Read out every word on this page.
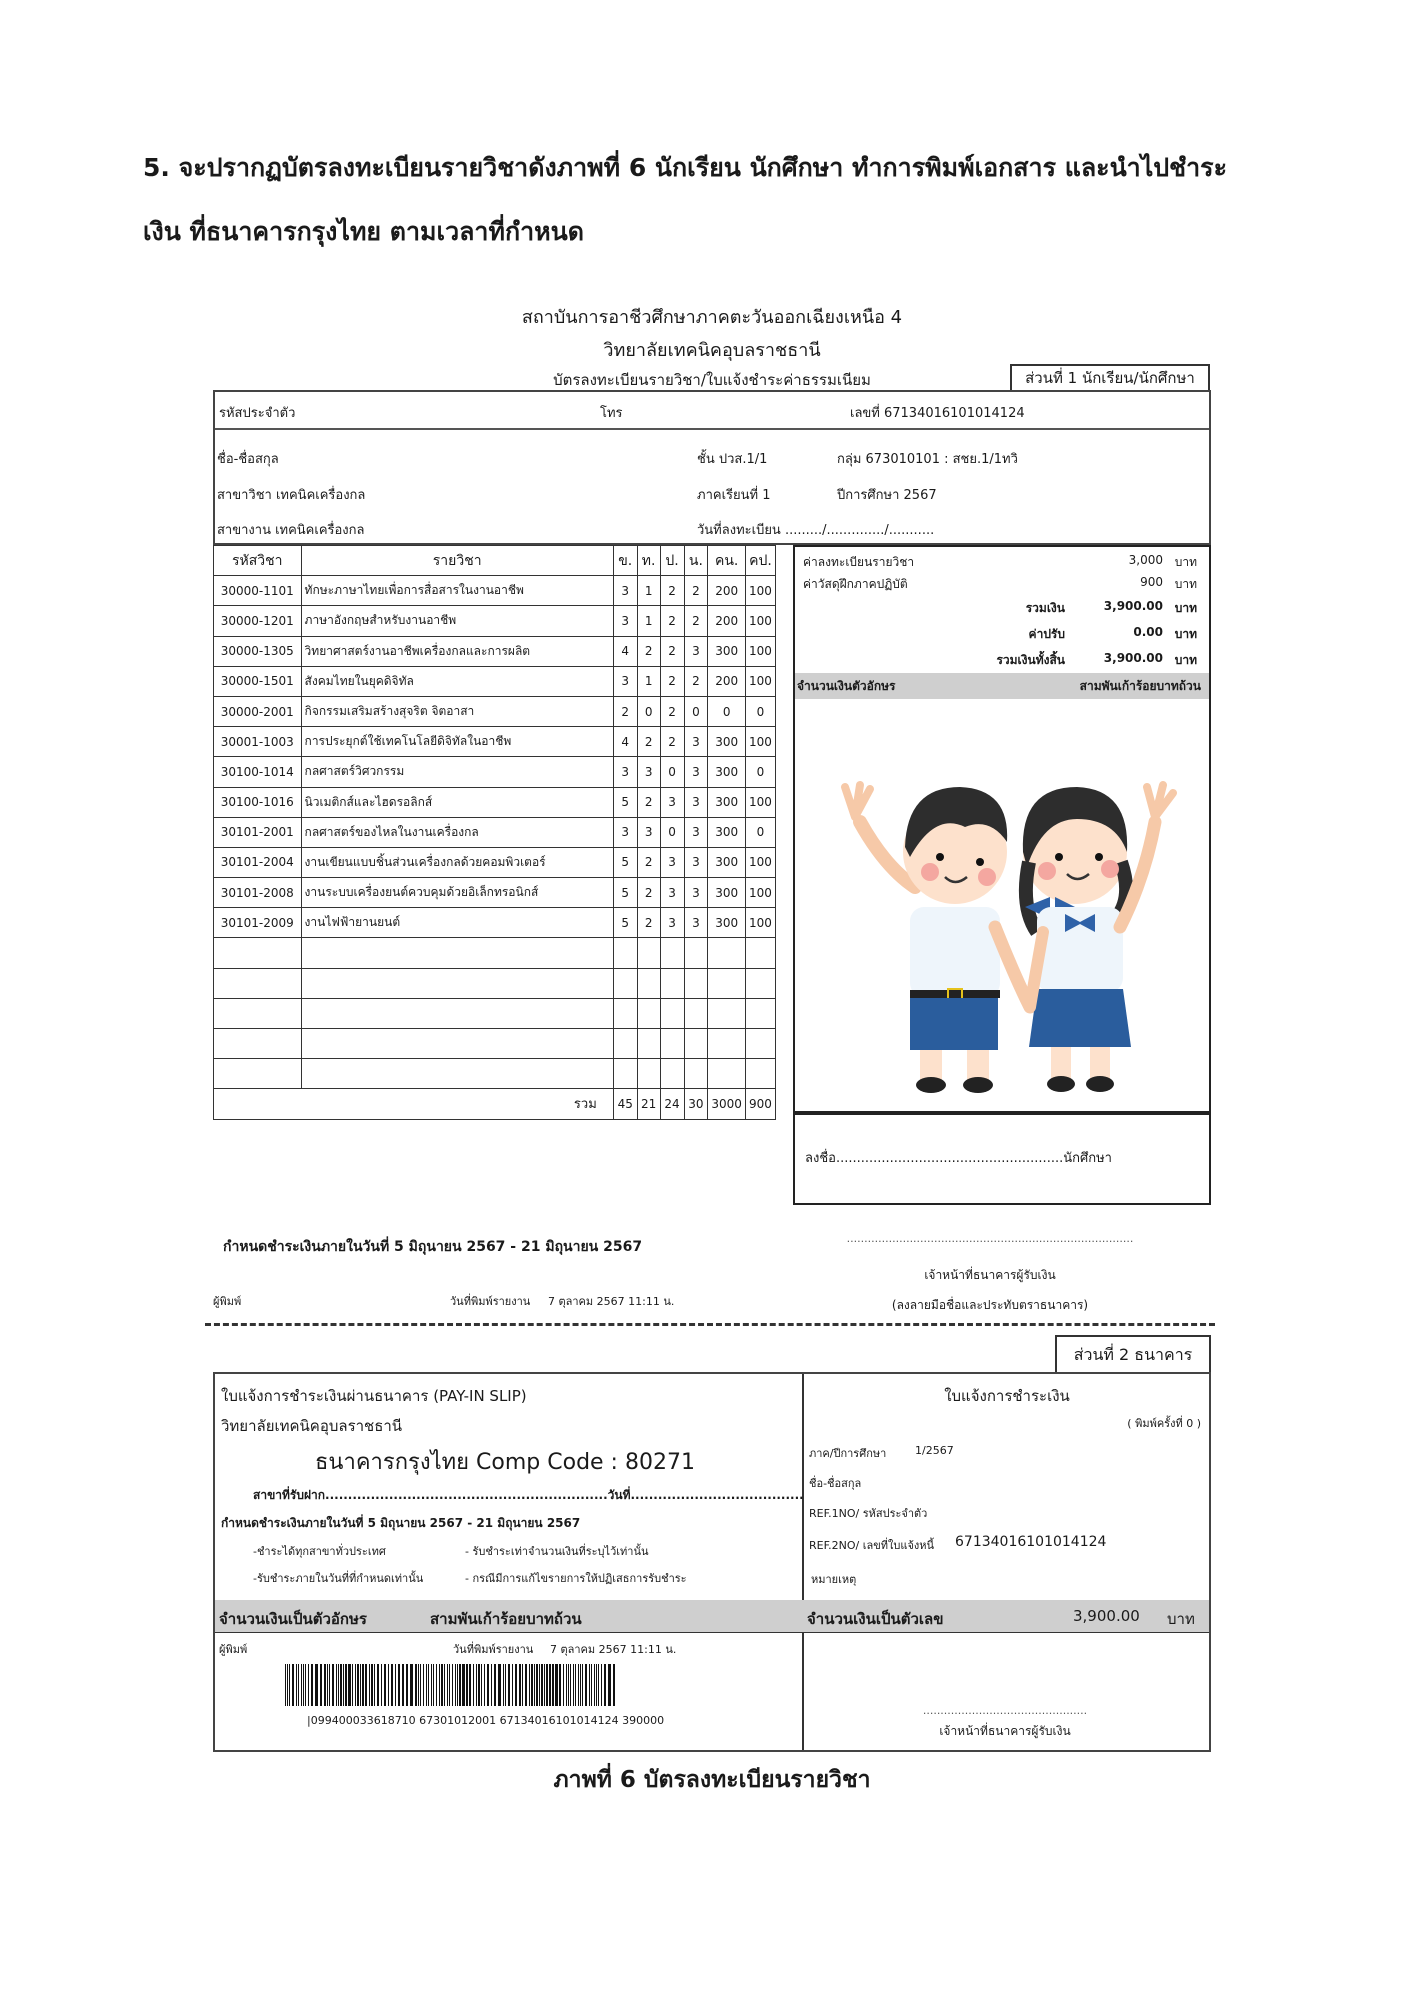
5. จะปรากฏบัตรลงทะเบียนรายวิชาดังภาพที่ 6 นักเรียน นักศึกษา ทำการพิมพ์เอกสาร และนำไปชำระ
เงิน ที่ธนาคารกรุงไทย ตามเวลาที่กำหนด
สถาบันการอาชีวศึกษาภาคตะวันออกเฉียงเหนือ 4
วิทยาลัยเทคนิคอุบลราชธานี
บัตรลงทะเบียนรายวิชา/ใบแจ้งชำระค่าธรรมเนียม	ส่วนที่ 1 นักเรียน/นักศึกษา
รหัสประจำตัว	โทร	เลขที่ 67134016101014124
ชื่อ-ชื่อสกุล	ชั้น ปวส.1/1	กลุ่ม 673010101 : สชย.1/1ทวิ
สาขาวิชา เทคนิคเครื่องกล	ภาคเรียนที่ 1	ปีการศึกษา 2567
สาขางาน เทคนิคเครื่องกล	วันที่ลงทะเบียน ........./............../...........
รหัสวิชา	รายวิชา	ข.	ท.	ป.	น.	คน.	คป.
30000-1101	ทักษะภาษาไทยเพื่อการสื่อสารในงานอาชีพ	3	1	2	2	200	100
30000-1201	ภาษาอังกฤษสำหรับงานอาชีพ	3	1	2	2	200	100
30000-1305	วิทยาศาสตร์งานอาชีพเครื่องกลและการผลิต	4	2	2	3	300	100
30000-1501	สังคมไทยในยุคดิจิทัล	3	1	2	2	200	100
30000-2001	กิจกรรมเสริมสร้างสุจริต จิตอาสา	2	0	2	0	0	0
30001-1003	การประยุกต์ใช้เทคโนโลยีดิจิทัลในอาชีพ	4	2	2	3	300	100
30100-1014	กลศาสตร์วิศวกรรม	3	3	0	3	300	0
30100-1016	นิวเมติกส์และไฮดรอลิกส์	5	2	3	3	300	100
30101-2001	กลศาสตร์ของไหลในงานเครื่องกล	3	3	0	3	300	0
30101-2004	งานเขียนแบบชิ้นส่วนเครื่องกลด้วยคอมพิวเตอร์	5	2	3	3	300	100
30101-2008	งานระบบเครื่องยนต์ควบคุมด้วยอิเล็กทรอนิกส์	5	2	3	3	300	100
30101-2009	งานไฟฟ้ายานยนต์	5	2	3	3	300	100

รวม		45	21	24	30	3000	900
ค่าลงทะเบียนรายวิชา	3,000 บาท
ค่าวัสดุฝึกภาคปฏิบัติ	900 บาท
รวมเงิน	3,900.00 บาท
ค่าปรับ	0.00 บาท
รวมเงินทั้งสิ้น	3,900.00 บาท
จำนวนเงินตัวอักษร	สามพันเก้าร้อยบาทถ้วน
ลงชื่อ.......................................................นักศึกษา
กำหนดชำระเงินภายในวันที่ 5 มิถุนายน 2567 - 21 มิถุนายน 2567
..................................................................................
เจ้าหน้าที่ธนาคารผู้รับเงิน
(ลงลายมือชื่อและประทับตราธนาคาร)
ผู้พิมพ์	วันที่พิมพ์รายงาน 7 ตุลาคม 2567 11:11 น.
ส่วนที่ 2 ธนาคาร
ใบแจ้งการชำระเงินผ่านธนาคาร (PAY-IN SLIP)
วิทยาลัยเทคนิคอุบลราชธานี
ธนาคารกรุงไทย Comp Code : 80271
สาขาที่รับฝาก..............................................................วันที่......................................
กำหนดชำระเงินภายในวันที่ 5 มิถุนายน 2567 - 21 มิถุนายน 2567
-ชำระได้ทุกสาขาทั่วประเทศ	- รับชำระเท่าจำนวนเงินที่ระบุไว้เท่านั้น
-รับชำระภายในวันที่ที่กำหนดเท่านั้น	- กรณีมีการแก้ไขรายการให้ปฏิเสธการรับชำระ
จำนวนเงินเป็นตัวอักษร	สามพันเก้าร้อยบาทถ้วน
ผู้พิมพ์	วันที่พิมพ์รายงาน 7 ตุลาคม 2567 11:11 น.
|099400033618710 67301012001 67134016101014124 390000
ใบแจ้งการชำระเงิน
( พิมพ์ครั้งที่ 0 )
ภาค/ปีการศึกษา	1/2567
ชื่อ-ชื่อสกุล
REF.1NO/ รหัสประจำตัว
REF.2NO/ เลขที่ใบแจ้งหนี้ 67134016101014124
หมายเหตุ
จำนวนเงินเป็นตัวเลข	3,900.00 บาท
...............................................
เจ้าหน้าที่ธนาคารผู้รับเงิน
ภาพที่ 6 บัตรลงทะเบียนรายวิชา
